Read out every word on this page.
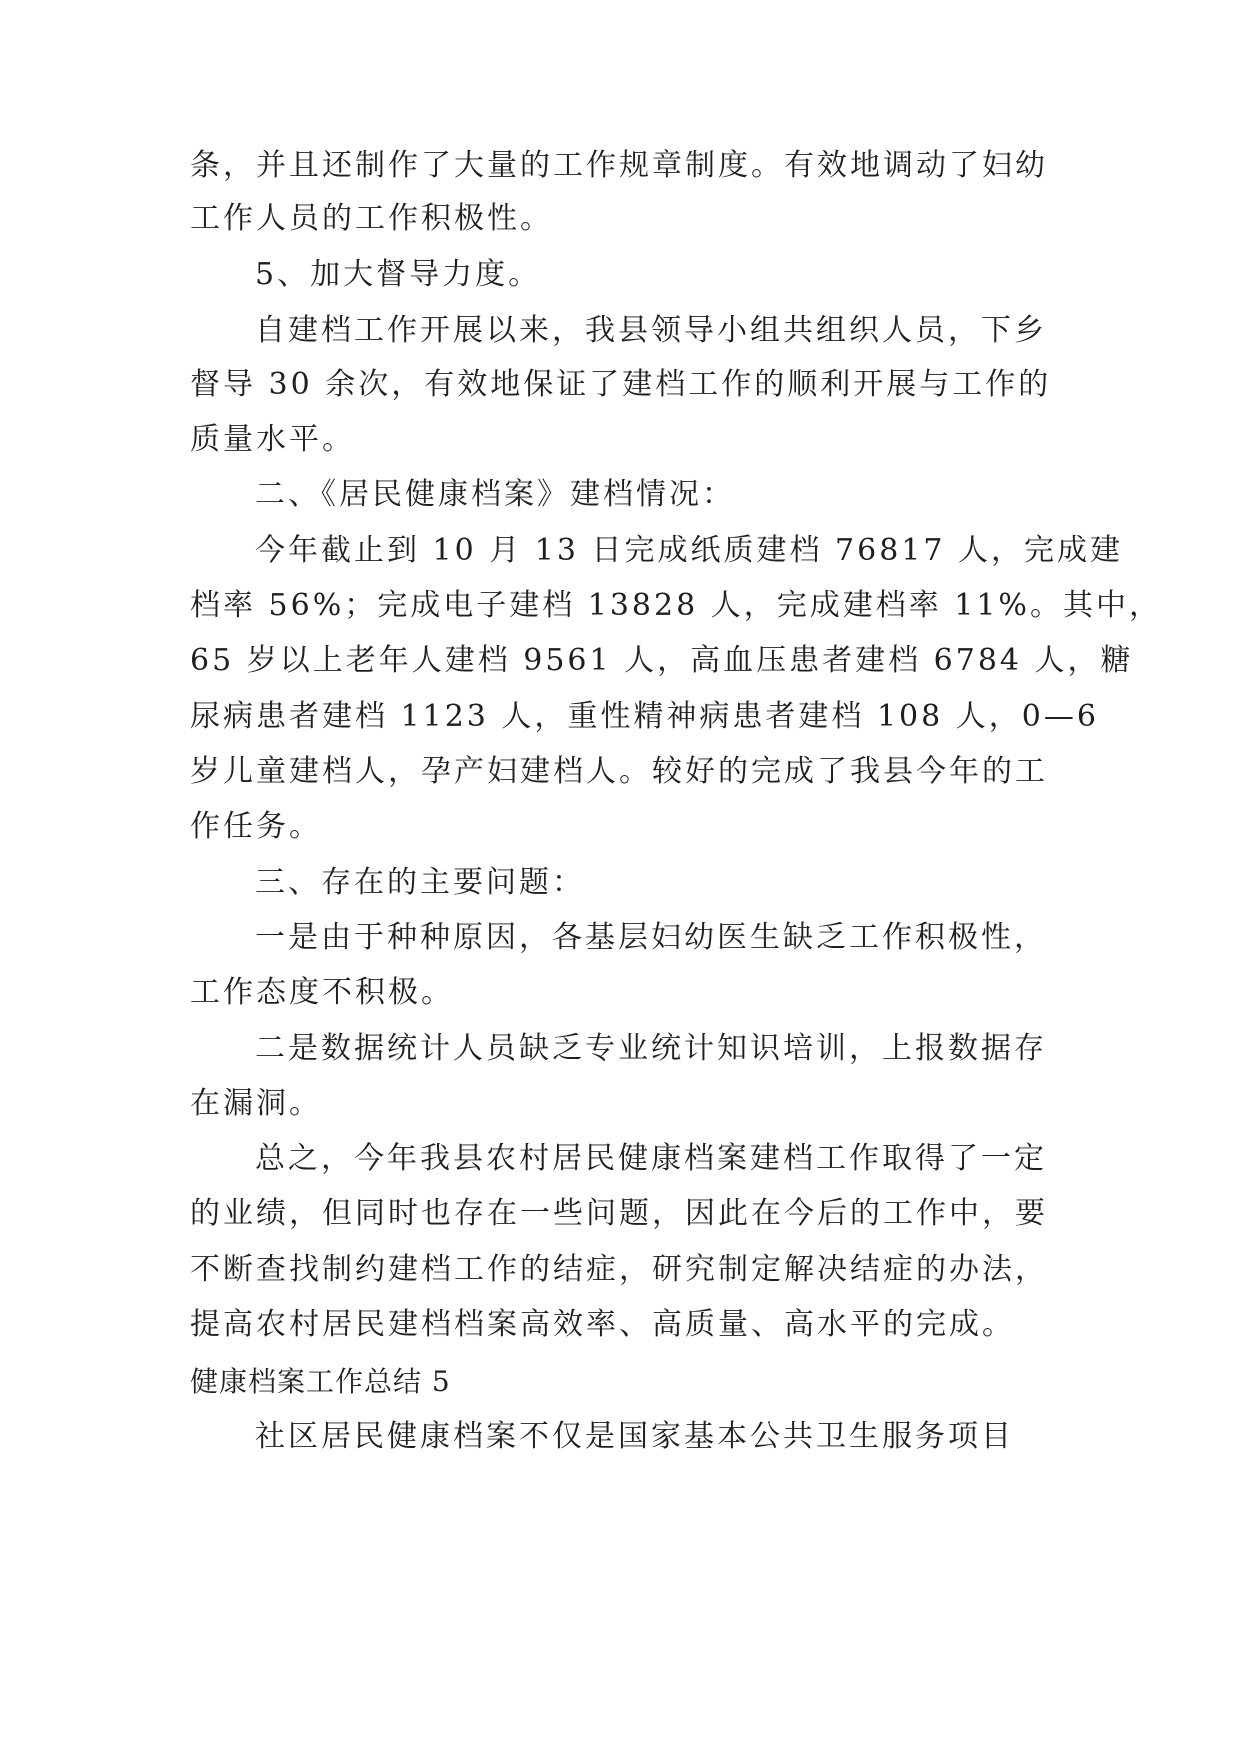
条，并且还制作了大量的工作规章制度。有效地调动了妇幼
工作人员的工作积极性。
5、加大督导力度。
自建档工作开展以来，我县领导小组共组织人员，下乡
督导 30 余次，有效地保证了建档工作的顺利开展与工作的
质量水平。
二、《居民健康档案》建档情况：
今年截止到 10 月 13 日完成纸质建档 76817 人，完成建
档率 56%；完成电子建档 13828 人，完成建档率 11%。其中，
65 岁以上老年人建档 9561 人，高血压患者建档 6784 人，糖
尿病患者建档 1123 人，重性精神病患者建档 108 人，0—6
岁儿童建档人，孕产妇建档人。较好的完成了我县今年的工
作任务。
三、存在的主要问题：
一是由于种种原因，各基层妇幼医生缺乏工作积极性，
工作态度不积极。
二是数据统计人员缺乏专业统计知识培训，上报数据存
在漏洞。
总之，今年我县农村居民健康档案建档工作取得了一定
的业绩，但同时也存在一些问题，因此在今后的工作中，要
不断查找制约建档工作的结症，研究制定解决结症的办法，
提高农村居民建档档案高效率、高质量、高水平的完成。
健康档案工作总结 5
社区居民健康档案不仅是国家基本公共卫生服务项目
